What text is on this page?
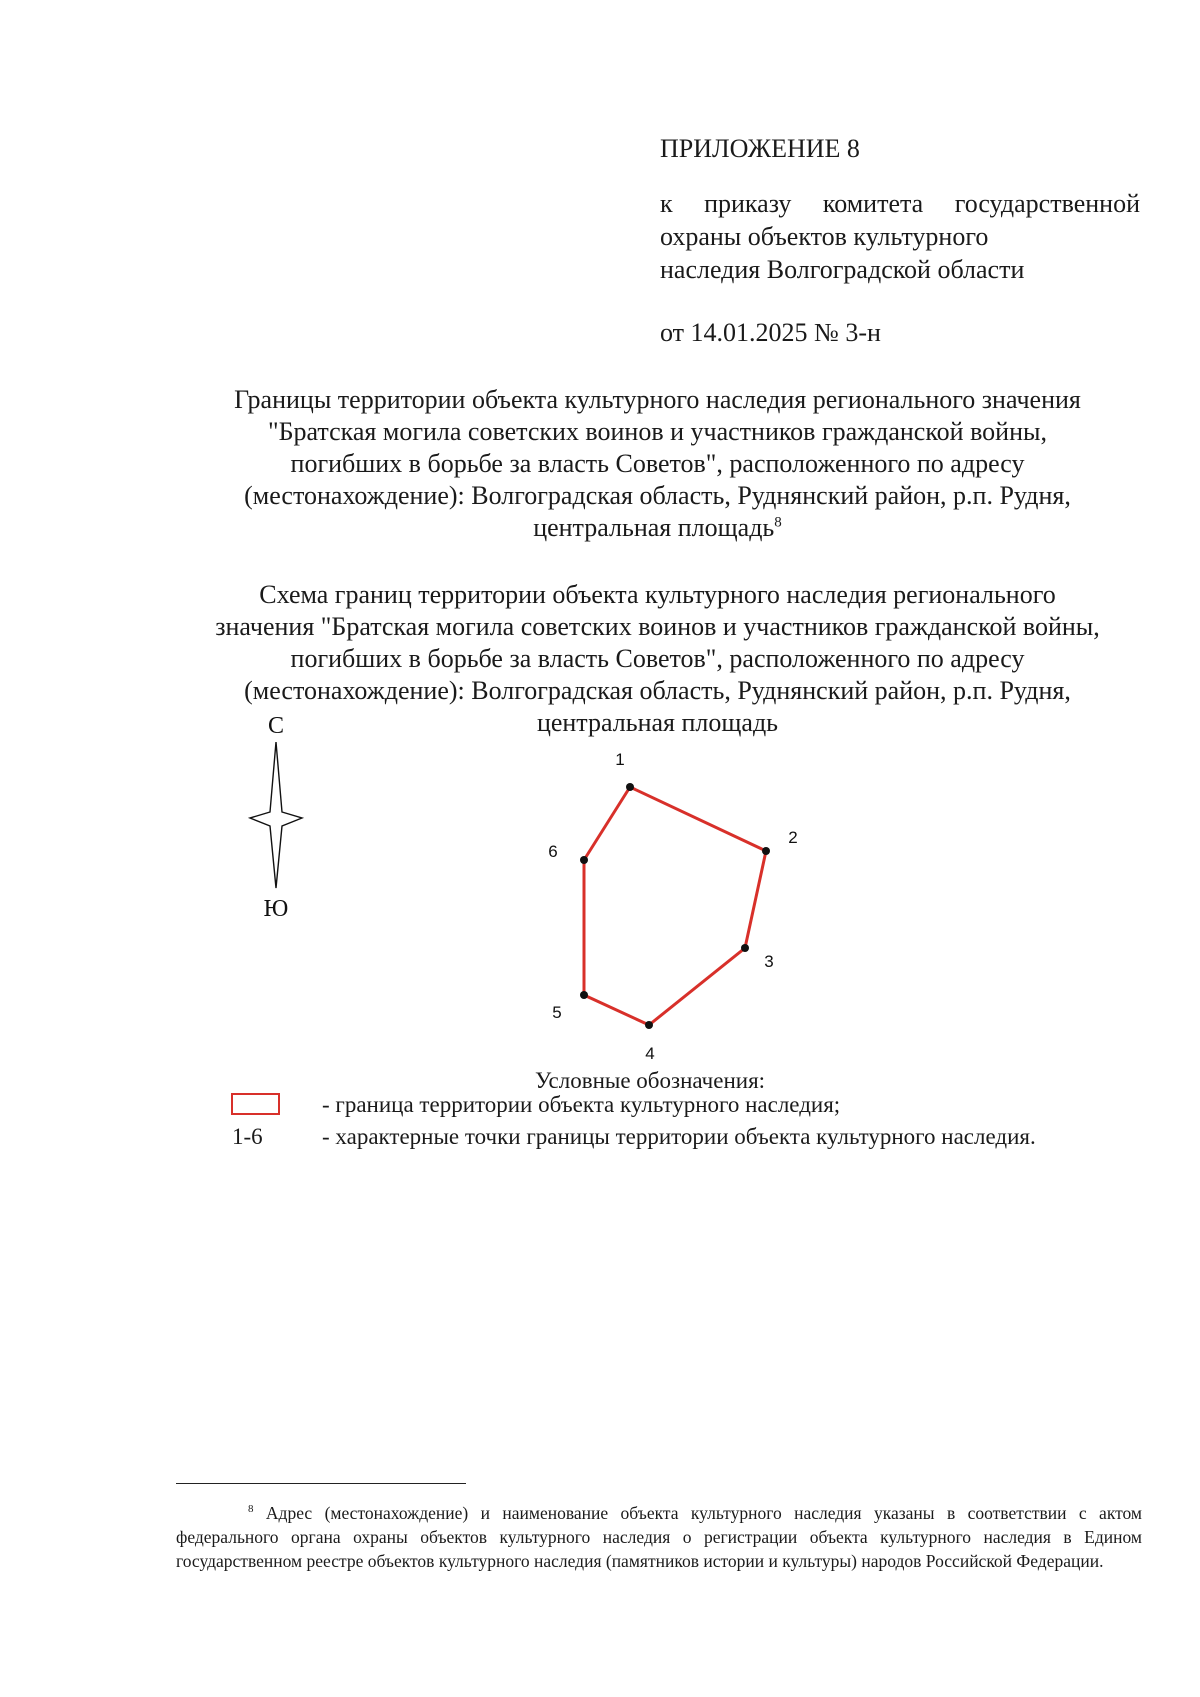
ПРИЛОЖЕНИЕ 8
к приказу комитета государственной
охраны объектов культурного
наследия Волгоградской области
от 14.01.2025 № 3-н
Границы территории объекта культурного наследия регионального значения
"Братская могила советских воинов и участников гражданской войны,
погибших в борьбе за власть Советов", расположенного по адресу
(местонахождение): Волгоградская область, Руднянский район, р.п. Рудня,
центральная площадь$^8$
Схема границ территории объекта культурного наследия регионального
значения "Братская могила советских воинов и участников гражданской войны,
погибших в борьбе за власть Советов", расположенного по адресу
(местонахождение): Волгоградская область, Руднянский район, р.п. Рудня,
центральная площадь
С
Ю
1
2
3
4
5
6
Условные обозначения:
- граница территории объекта культурного наследия;
1-6	- характерные точки границы территории объекта культурного наследия.
$^8$ Адрес (местонахождение) и наименование объекта культурного наследия указаны в соответствии с актом федерального органа охраны объектов культурного наследия о регистрации объекта культурного наследия в Едином государственном реестре объектов культурного наследия (памятников истории и культуры) народов Российской Федерации.
